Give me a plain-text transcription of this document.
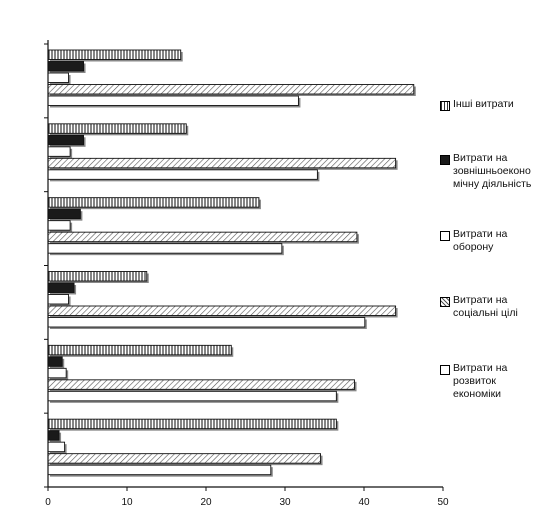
0	10	20	30	40	50
Інші витрати
Витрати на
зовнішньоеконо
мічну діяльність
Витрати на
оборону
Витрати на
соціальні цілі
Витрати на
розвиток
економіки
